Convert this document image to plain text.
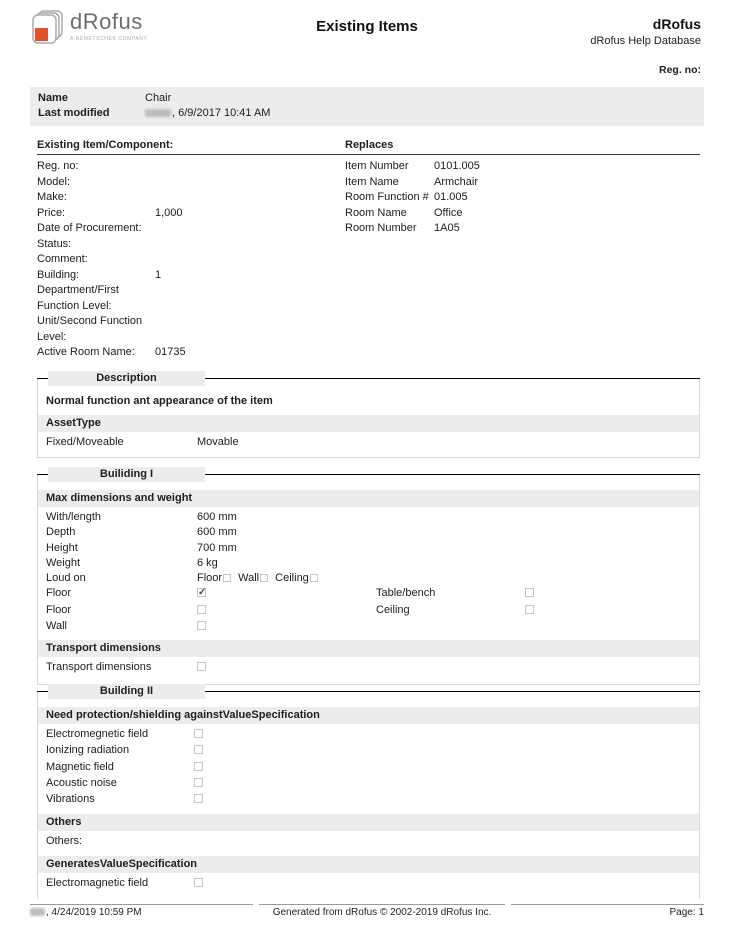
dRofus
A NEMETSCHEK COMPANY
Existing Items	dRofus
dRofus Help Database
Reg. no:
Name	Chair
Last modified	, 6/9/2017 10:41 AM
Existing Item/Component:
Reg. no:
Model:
Make:
Price:	1,000
Date of Procurement:
Status:
Comment:
Building:	1
Department/First Function Level:
Unit/Second Function Level:
Active Room Name:	01735
Replaces
Item Number	0101.005
Item Name	Armchair
Room Function # 01.005
Room Name	Office
Room Number	1A05
Description
Normal function ant appearance of the item
AssetType
Fixed/Moveable	Movable
Builiding I
Max dimensions and weight
With/length	600 mm
Depth	600 mm
Height	700 mm
Weight	6 kg
Loud on	Floor Wall Ceiling
Floor ✓	Table/bench
Floor	Ceiling
Wall
Transport dimensions
Transport dimensions
Building II
Need protection/shielding against Value Specification
Electromegnetic field
Ionizing radiation
Magnetic field
Acoustic noise
Vibrations
Others
Others:
Generates Value Specification
Electromagnetic field
, 4/24/2019 10:59 PM	Generated from dRofus © 2002-2019 dRofus Inc.	Page: 1
